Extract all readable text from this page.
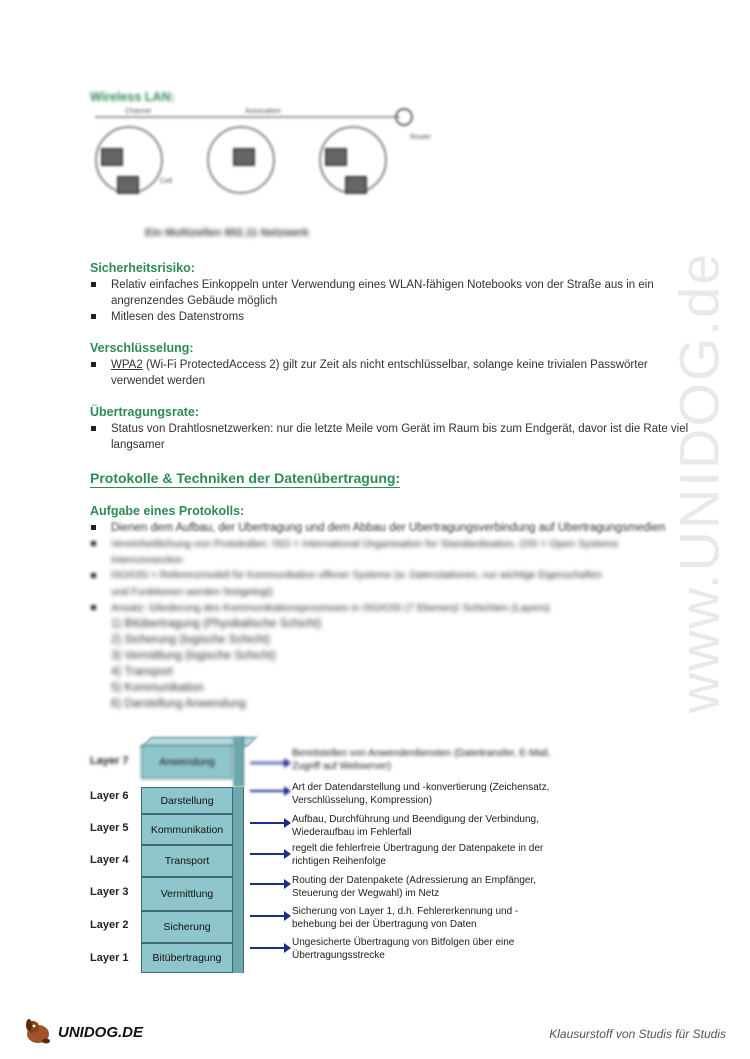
www.UNIDOG.de
Wireless LAN:
Channel	Association
Router
Cell
Ein Multizellen 802.11 Netzwerk
Sicherheitsrisiko:
Relativ einfaches Einkoppeln unter Verwendung eines WLAN-fähigen Notebooks von der Straße aus in ein
angrenzendes Gebäude möglich
Mitlesen des Datenstroms
Verschlüsselung:
WPA2 (Wi-Fi ProtectedAccess 2) gilt zur Zeit als nicht entschlüsselbar, solange keine trivialen Passwörter
verwendet werden
Übertragungsrate:
Status von Drahtlosnetzwerken: nur die letzte Meile vom Gerät im Raum bis zum Endgerät, davor ist die Rate viel
langsamer
Protokolle & Techniken der Datenübertragung:
Aufgabe eines Protokolls:
Dienen dem Aufbau, der Übertragung und dem Abbau der Übertragungsverbindung auf Übertragungsmedien
Vereinheitlichung von Protokollen: ISO = International Organisation for Standardisation, OSI = Open Systems
Interconnection
ISO/OSI = Referenzmodell für Kommunikation offener Systeme (w. Datenstationen, nur wichtige Eigenschaften
und Funktionen werden festgelegt)
Ansatz: Gliederung des Kommunikationsprozesses in ISO/OSI (7 Ebenen)/ Schichten (Layers)
1) Bitübertragung (Physikalische Schicht)
2) Sicherung (logische Schicht)
3) Vermittlung (logische Schicht)
4) Transport
5) Kommunikation
6) Darstellung Anwendung
Layer 7	Anwendung
Bereitstellen von Anwenderdiensten (Dateitransfer, E-Mail, Zugriff auf Webserver)
Layer 6	Darstellung
Art der Datendarstellung und -konvertierung (Zeichensatz, Verschlüsselung, Kompression)
Layer 5	Kommunikation
Aufbau, Durchführung und Beendigung der Verbindung, Wiederaufbau im Fehlerfall
Layer 4	Transport
regelt die fehlerfreie Übertragung der Datenpakete in der richtigen Reihenfolge
Layer 3	Vermittlung
Routing der Datenpakete (Adressierung an Empfänger, Steuerung der Wegwahl) im Netz
Layer 2	Sicherung
Sicherung von Layer 1, d.h. Fehlererkennung und -behebung bei der Übertragung von Daten
Layer 1	Bitübertragung
Ungesicherte Übertragung von Bitfolgen über eine Übertragungsstrecke
UNIDOG.DE	Klausurstoff von Studis für Studis
